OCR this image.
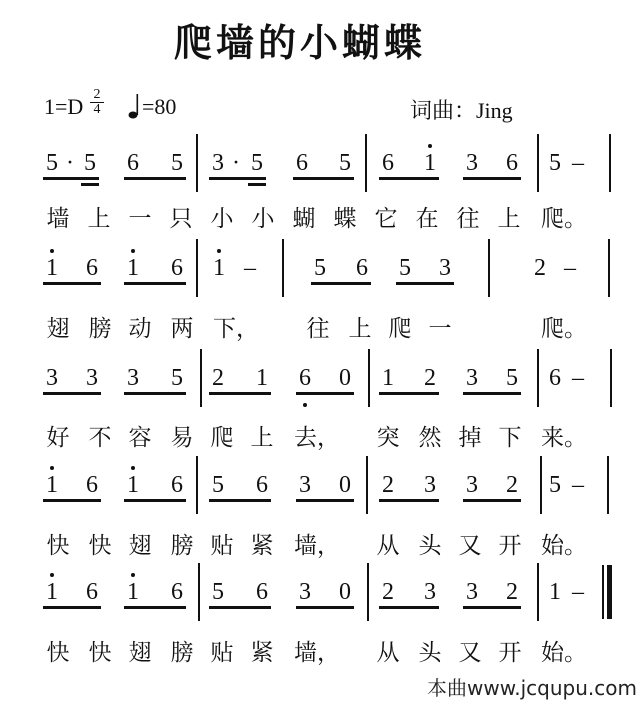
爬墙的小蝴蝶
1=D 2
4 =80	词曲：Jing
5 · 5 6 5 3 · 5 6 5 6 1 3 6 5 –
墙 上 一 只 小 小 蝴 蝶 它 在 往 上 爬。
1 6 1 6 1 – 5 6 5 3	2 –
翅 膀 动 两 下， 往 上 爬 一	爬。
3 3 3 5 2 1 6 0 1 2 3 5 6 –
好 不 容 易 爬 上 去， 突 然 掉 下 来。
1 6 1 6 5 6 3 0 2 3 3 2 5 –
快 快 翅 膀 贴 紧 墙， 从 头 又 开 始。
1 6 1 6 5 6 3 0 2 3 3 2 1 –
快 快 翅 膀 贴 紧 墙， 从 头 又 开 始。
本曲www.jcqupu.com
